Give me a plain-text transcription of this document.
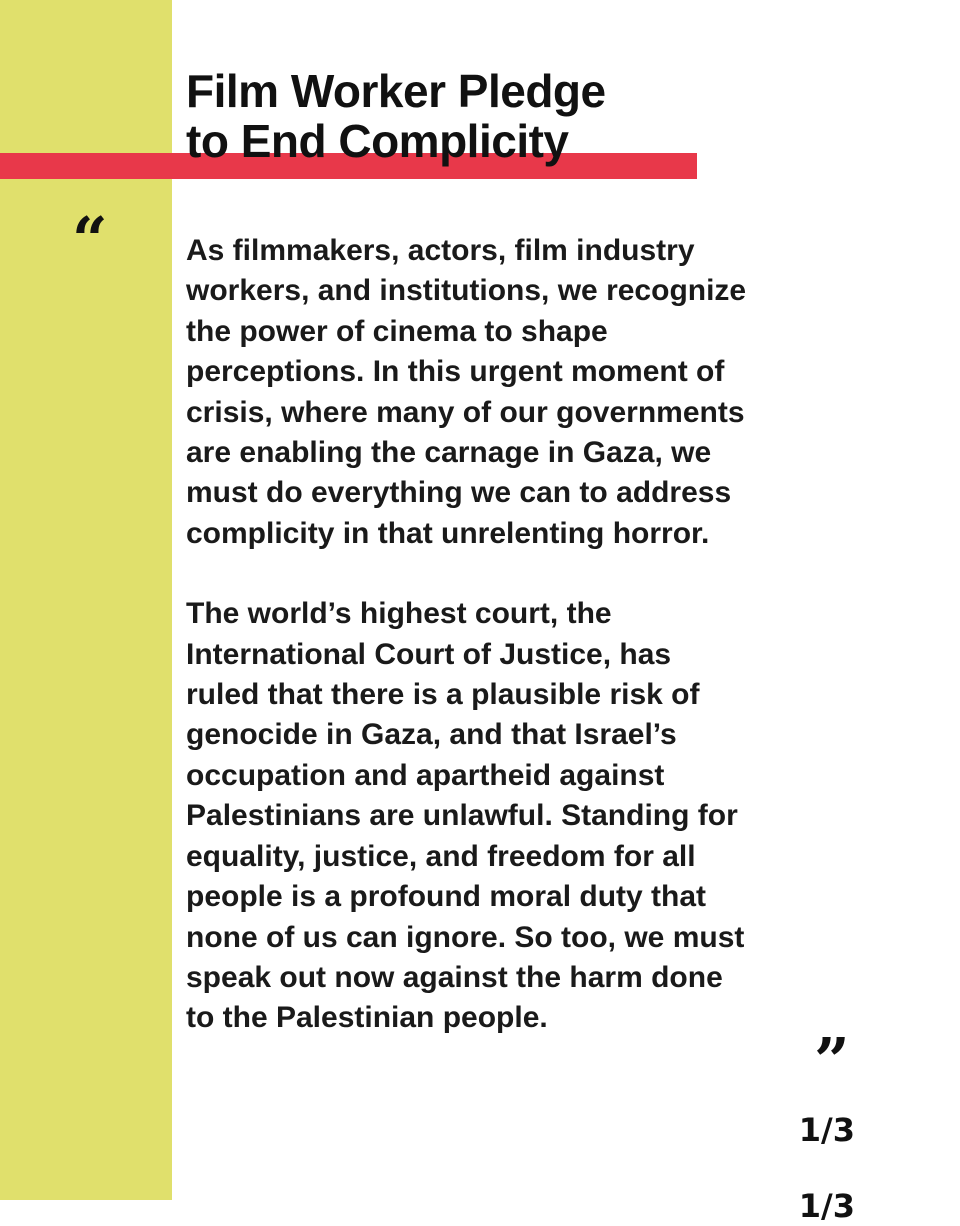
Film Worker Pledge
to End Complicity
“	As filmmakers, actors, film industry
workers, and institutions, we recognize
the power of cinema to shape
perceptions. In this urgent moment of
crisis, where many of our governments
are enabling the carnage in Gaza, we
must do everything we can to address
complicity in that unrelenting horror.

The world’s highest court, the
International Court of Justice, has
ruled that there is a plausible risk of
genocide in Gaza, and that Israel’s
occupation and apartheid against
Palestinians are unlawful. Standing for
equality, justice, and freedom for all
people is a profound moral duty that
none of us can ignore. So too, we must
speak out now against the harm done
to the Palestinian people.

”
1/3
1/3
